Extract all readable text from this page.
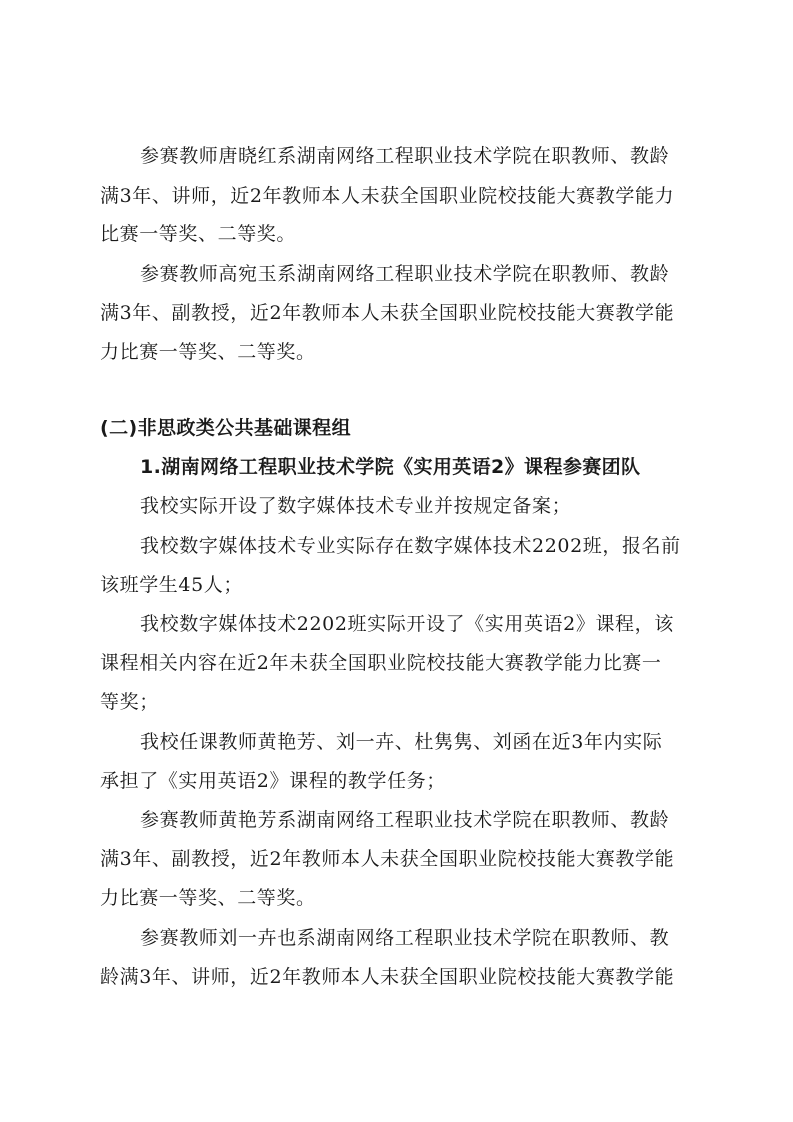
参赛教师唐晓红系湖南网络工程职业技术学院在职教师、教龄
满3年、讲师，近2年教师本人未获全国职业院校技能大赛教学能力
比赛一等奖、二等奖。
参赛教师高宛玉系湖南网络工程职业技术学院在职教师、教龄
满3年、副教授，近2年教师本人未获全国职业院校技能大赛教学能
力比赛一等奖、二等奖。
(二)非思政类公共基础课程组
1.湖南网络工程职业技术学院《实用英语2》课程参赛团队
我校实际开设了数字媒体技术专业并按规定备案；
我校数字媒体技术专业实际存在数字媒体技术2202班，报名前
该班学生45人；
我校数字媒体技术2202班实际开设了《实用英语2》课程，该
课程相关内容在近2年未获全国职业院校技能大赛教学能力比赛一
等奖；
我校任课教师黄艳芳、刘一卉、杜隽隽、刘函在近3年内实际
承担了《实用英语2》课程的教学任务；
参赛教师黄艳芳系湖南网络工程职业技术学院在职教师、教龄
满3年、副教授，近2年教师本人未获全国职业院校技能大赛教学能
力比赛一等奖、二等奖。
参赛教师刘一卉也系湖南网络工程职业技术学院在职教师、教
龄满3年、讲师，近2年教师本人未获全国职业院校技能大赛教学能
